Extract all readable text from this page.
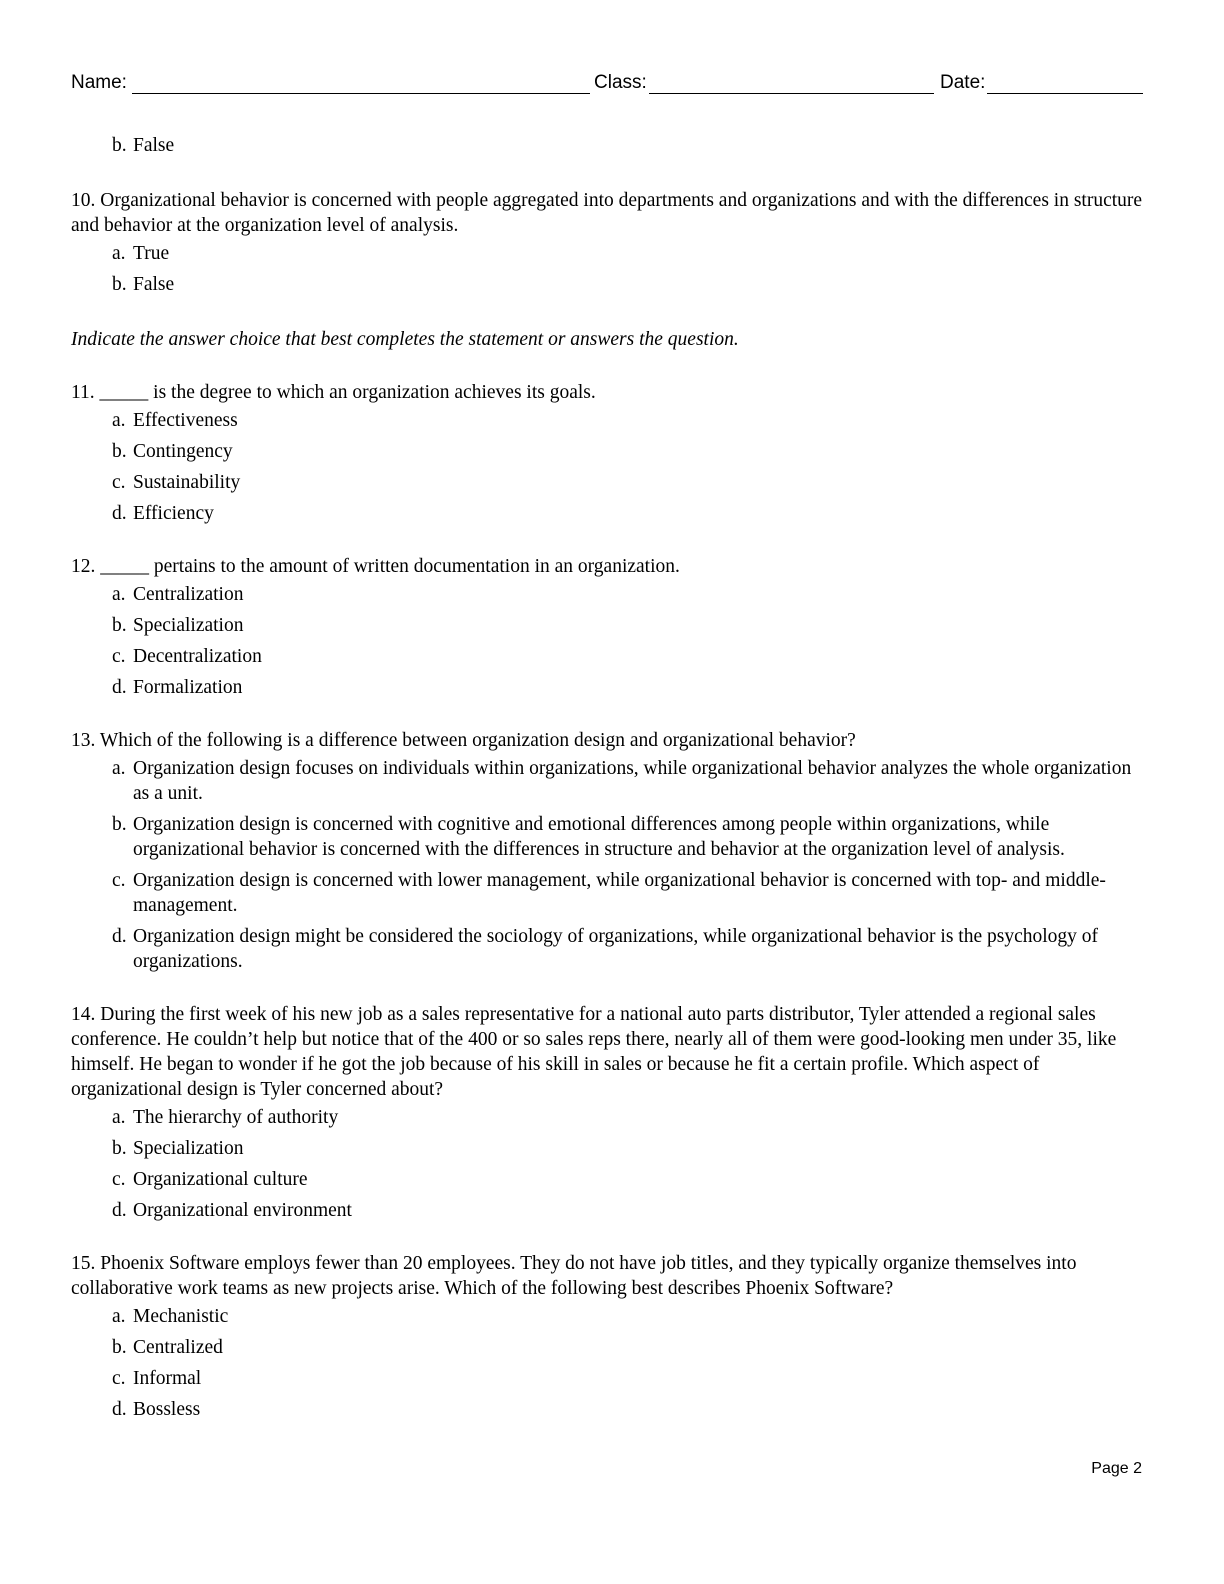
Name:	Class:	Date:
b. False

10. Organizational behavior is concerned with people aggregated into departments and organizations and with the differences in structure and behavior at the organization level of analysis.

a. True
b. False

Indicate the answer choice that best completes the statement or answers the question.

11. _____ is the degree to which an organization achieves its goals.

a. Effectiveness
b. Contingency
c. Sustainability
d. Efficiency

12. _____ pertains to the amount of written documentation in an organization.

a. Centralization
b. Specialization
c. Decentralization
d. Formalization

13. Which of the following is a difference between organization design and organizational behavior?

a. Organization design focuses on individuals within organizations, while organizational behavior analyzes the whole organization as a unit.
b. Organization design is concerned with cognitive and emotional differences among people within organizations, while organizational behavior is concerned with the differences in structure and behavior at the organization level of analysis.
c. Organization design is concerned with lower management, while organizational behavior is concerned with top- and middle-management.
d. Organization design might be considered the sociology of organizations, while organizational behavior is the psychology of organizations.

14. During the first week of his new job as a sales representative for a national auto parts distributor, Tyler attended a regional sales conference. He couldn’t help but notice that of the 400 or so sales reps there, nearly all of them were good-looking men under 35, like himself. He began to wonder if he got the job because of his skill in sales or because he fit a certain profile. Which aspect of organizational design is Tyler concerned about?

a. The hierarchy of authority
b. Specialization
c. Organizational culture
d. Organizational environment

15. Phoenix Software employs fewer than 20 employees. They do not have job titles, and they typically organize themselves into collaborative work teams as new projects arise. Which of the following best describes Phoenix Software?

a. Mechanistic
b. Centralized
c. Informal
d. Bossless
Page 2
